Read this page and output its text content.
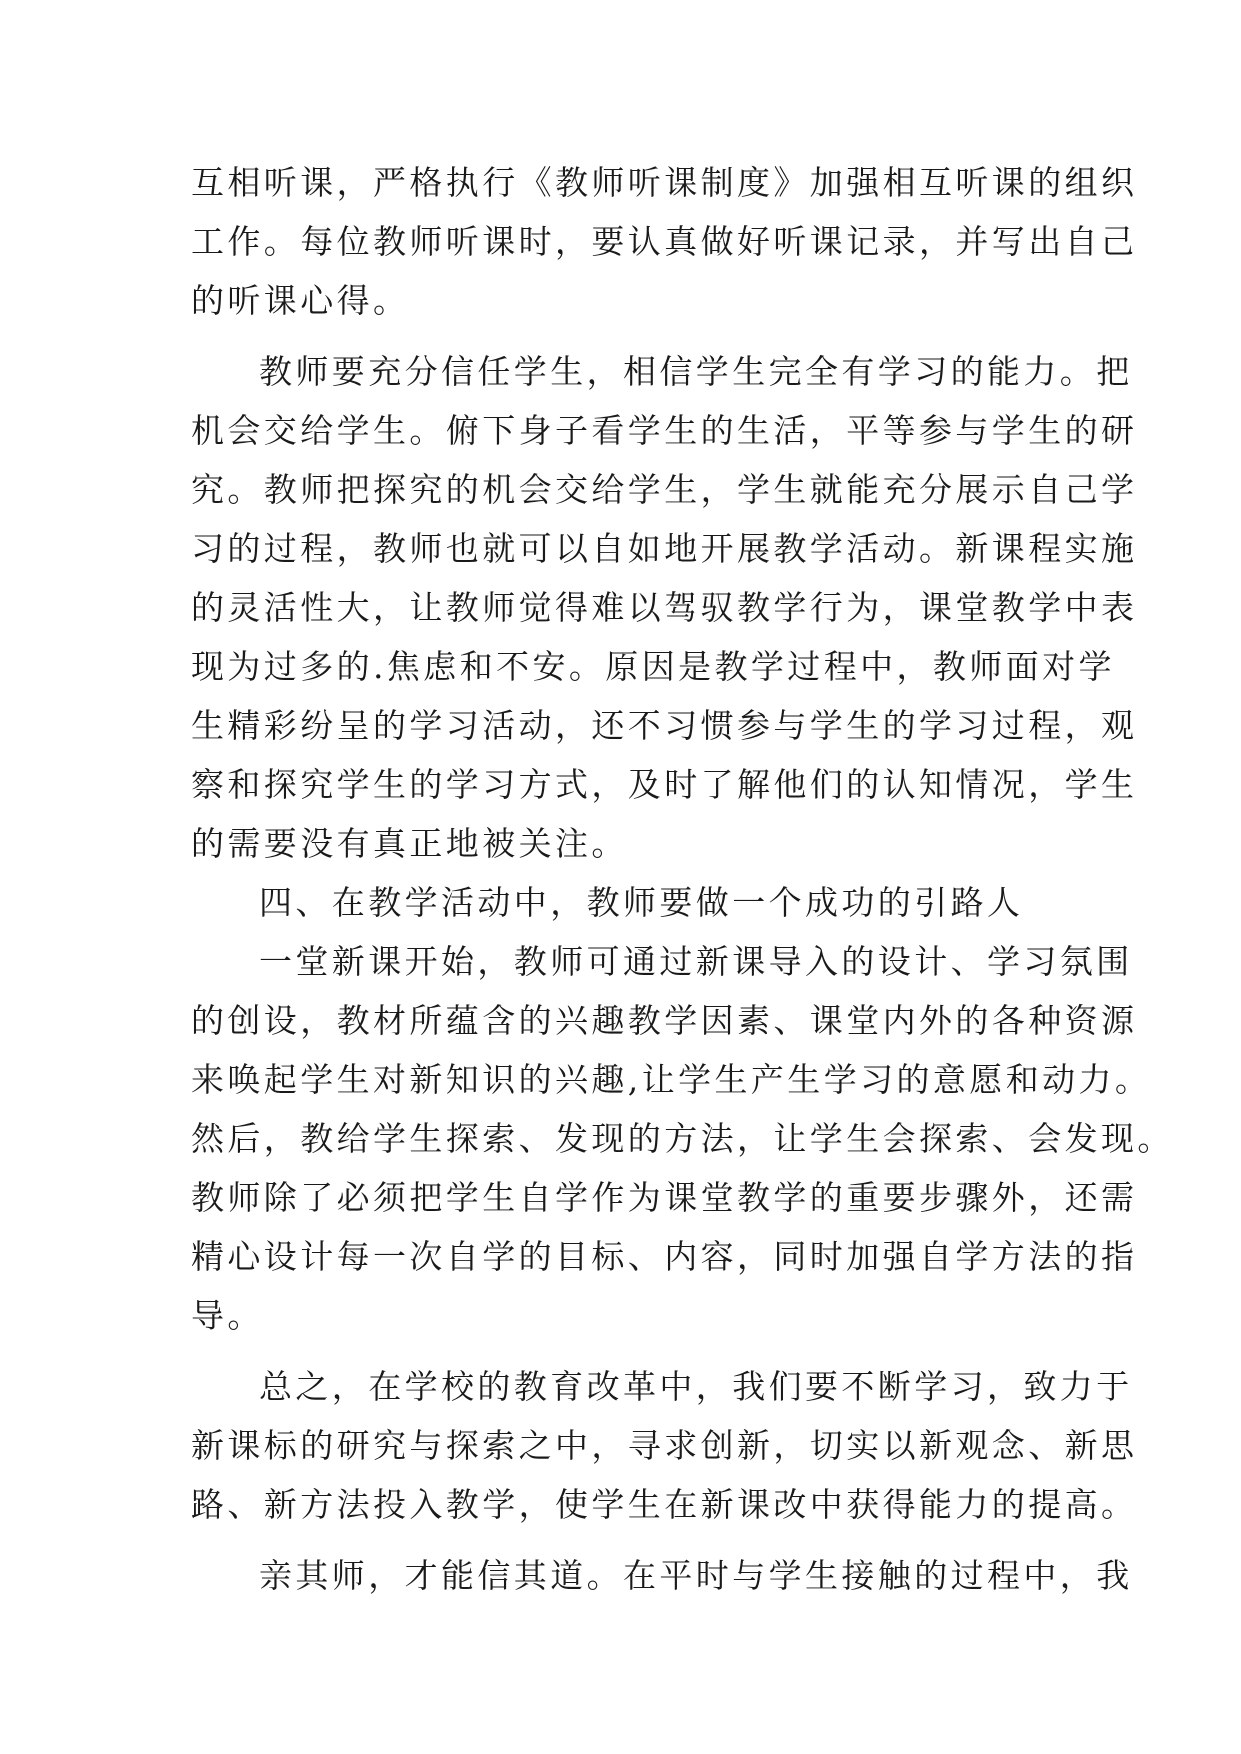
互相听课，严格执行《教师听课制度》加强相互听课的组织
工作。每位教师听课时，要认真做好听课记录，并写出自己
的听课心得。
教师要充分信任学生，相信学生完全有学习的能力。把
机会交给学生。俯下身子看学生的生活，平等参与学生的研
究。教师把探究的机会交给学生，学生就能充分展示自己学
习的过程，教师也就可以自如地开展教学活动。新课程实施
的灵活性大，让教师觉得难以驾驭教学行为，课堂教学中表
现为过多的.焦虑和不安。原因是教学过程中，教师面对学
生精彩纷呈的学习活动，还不习惯参与学生的学习过程，观
察和探究学生的学习方式，及时了解他们的认知情况，学生
的需要没有真正地被关注。
四、在教学活动中，教师要做一个成功的引路人
一堂新课开始，教师可通过新课导入的设计、学习氛围
的创设，教材所蕴含的兴趣教学因素、课堂内外的各种资源
来唤起学生对新知识的兴趣,让学生产生学习的意愿和动力。
然后，教给学生探索、发现的方法，让学生会探索、会发现。
教师除了必须把学生自学作为课堂教学的重要步骤外，还需
精心设计每一次自学的目标、内容，同时加强自学方法的指
导。
总之，在学校的教育改革中，我们要不断学习，致力于
新课标的研究与探索之中，寻求创新，切实以新观念、新思
路、新方法投入教学，使学生在新课改中获得能力的提高。
亲其师，才能信其道。在平时与学生接触的过程中，我
